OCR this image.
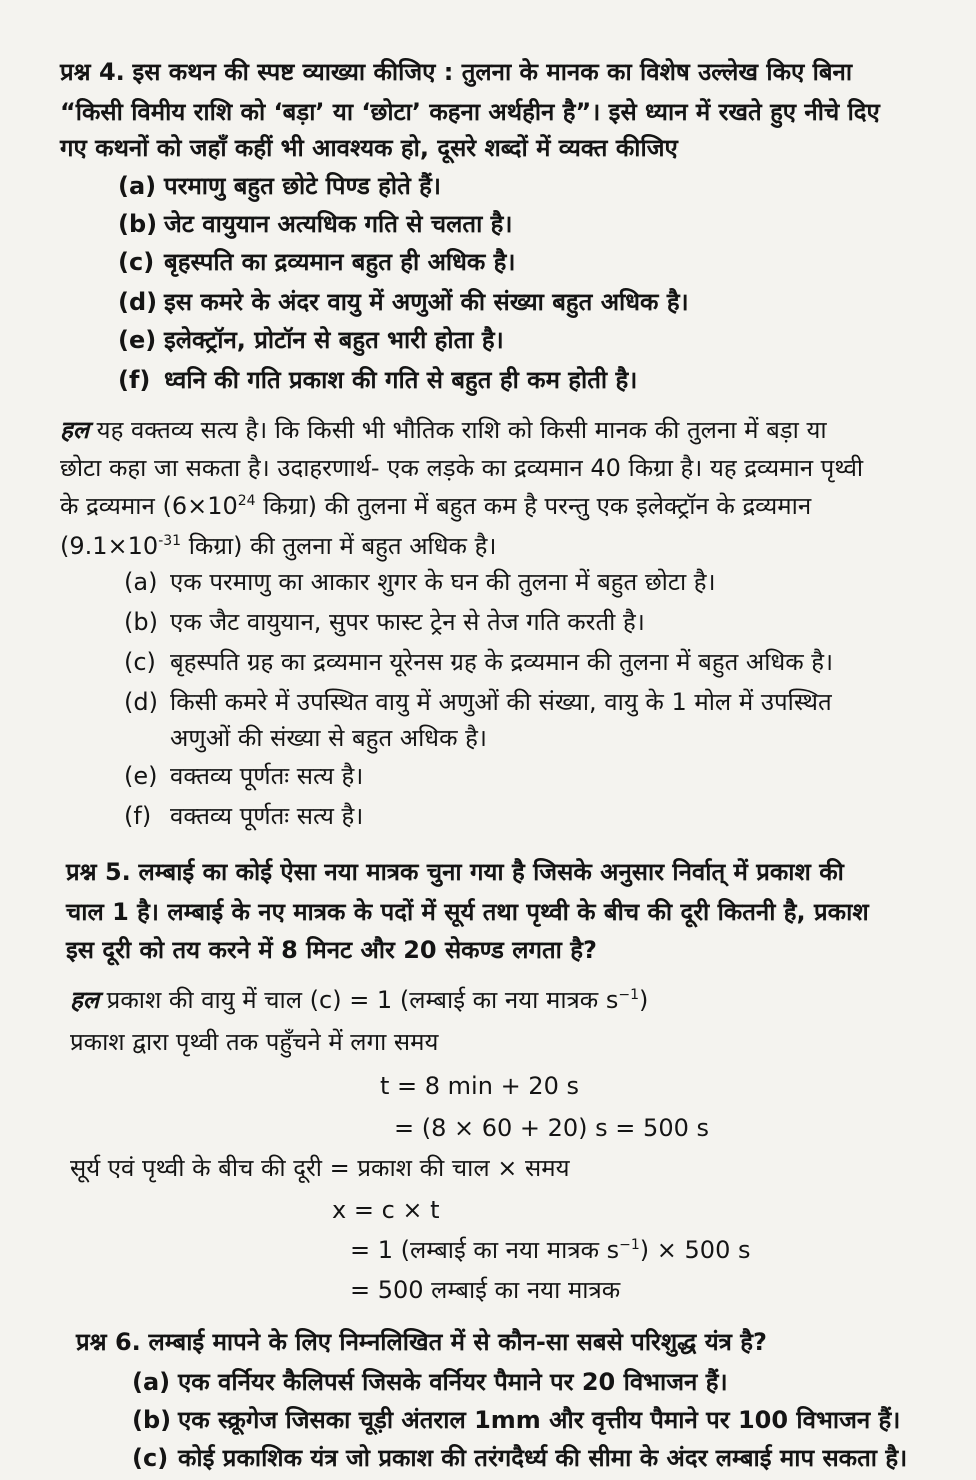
प्रश्न 4. इस कथन की स्पष्ट व्याख्या कीजिए : तुलना के मानक का विशेष उल्लेख किए बिना
“किसी विमीय राशि को ‘बड़ा’ या ‘छोटा’ कहना अर्थहीन है”। इसे ध्यान में रखते हुए नीचे दिए
गए कथनों को जहाँ कहीं भी आवश्यक हो, दूसरे शब्दों में व्यक्त कीजिए
(a) परमाणु बहुत छोटे पिण्ड होते हैं।
(b) जेट वायुयान अत्यधिक गति से चलता है।
(c) बृहस्पति का द्रव्यमान बहुत ही अधिक है।
(d) इस कमरे के अंदर वायु में अणुओं की संख्या बहुत अधिक है।
(e) इलेक्ट्रॉन, प्रोटॉन से बहुत भारी होता है।
(f) ध्वनि की गति प्रकाश की गति से बहुत ही कम होती है।
हल यह वक्तव्य सत्य है। कि किसी भी भौतिक राशि को किसी मानक की तुलना में बड़ा या
छोटा कहा जा सकता है। उदाहरणार्थ- एक लड़के का द्रव्यमान 40 किग्रा है। यह द्रव्यमान पृथ्वी
के द्रव्यमान ($6\times 10^{24}$ किग्रा) की तुलना में बहुत कम है परन्तु एक इलेक्ट्रॉन के द्रव्यमान
($9.1\times 10^{-31}$ किग्रा) की तुलना में बहुत अधिक है।
(a) एक परमाणु का आकार शुगर के घन की तुलना में बहुत छोटा है।
(b) एक जैट वायुयान, सुपर फास्ट ट्रेन से तेज गति करती है।
(c) बृहस्पति ग्रह का द्रव्यमान यूरेनस ग्रह के द्रव्यमान की तुलना में बहुत अधिक है।
(d) किसी कमरे में उपस्थित वायु में अणुओं की संख्या, वायु के 1 मोल में उपस्थित
अणुओं की संख्या से बहुत अधिक है।
(e) वक्तव्य पूर्णतः सत्य है।
(f) वक्तव्य पूर्णतः सत्य है।
प्रश्न 5. लम्बाई का कोई ऐसा नया मात्रक चुना गया है जिसके अनुसार निर्वात् में प्रकाश की
चाल 1 है। लम्बाई के नए मात्रक के पदों में सूर्य तथा पृथ्वी के बीच की दूरी कितनी है, प्रकाश
इस दूरी को तय करने में 8 मिनट और 20 सेकण्ड लगता है?
हल प्रकाश की वायु में चाल (c) = 1 (लम्बाई का नया मात्रक $s^{-1}$)
प्रकाश द्वारा पृथ्वी तक पहुँचने में लगा समय
t = 8 min + 20 s
= (8 × 60 + 20) s = 500 s
सूर्य एवं पृथ्वी के बीच की दूरी = प्रकाश की चाल × समय
x = c × t
= 1 (लम्बाई का नया मात्रक $s^{-1}) \times 500$ s
= 500 लम्बाई का नया मात्रक
प्रश्न 6. लम्बाई मापने के लिए निम्नलिखित में से कौन-सा सबसे परिशुद्ध यंत्र है?
(a) एक वर्नियर कैलिपर्स जिसके वर्नियर पैमाने पर 20 विभाजन हैं।
(b) एक स्क्रूगेज जिसका चूड़ी अंतराल 1mm और वृत्तीय पैमाने पर 100 विभाजन हैं।
(c) कोई प्रकाशिक यंत्र जो प्रकाश की तरंगदैर्ध्य की सीमा के अंदर लम्बाई माप सकता है।
